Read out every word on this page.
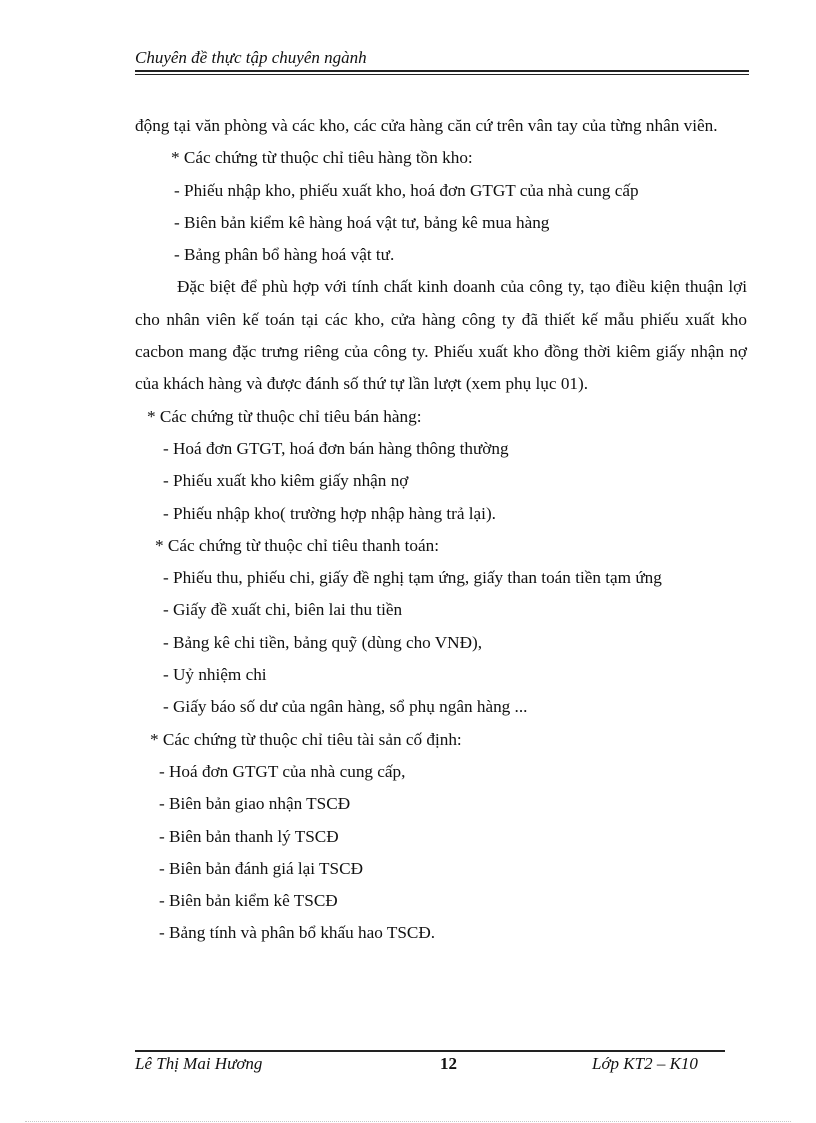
Chuyên đề thực tập chuyên ngành

động tại văn phòng và các kho, các cửa hàng căn cứ trên vân tay của từng nhân viên.

* Các chứng từ thuộc chỉ tiêu hàng tồn kho:

- Phiếu nhập kho, phiếu xuất kho, hoá đơn GTGT của nhà cung cấp

- Biên bản kiểm kê hàng hoá vật tư, bảng kê mua hàng

- Bảng phân bổ hàng hoá vật tư.

Đặc biệt để phù hợp với tính chất kinh doanh của công ty, tạo điều kiện thuận lợi cho nhân viên kế toán tại các kho, cửa hàng công ty đã thiết kế mẫu phiếu xuất kho cacbon mang đặc trưng riêng của công ty. Phiếu xuất kho đồng thời kiêm giấy nhận nợ của khách hàng và được đánh số thứ tự lần lượt (xem phụ lục 01).

* Các chứng từ thuộc chỉ tiêu bán hàng:

- Hoá đơn GTGT, hoá đơn bán hàng thông thường

- Phiếu xuất kho kiêm giấy nhận nợ

- Phiếu nhập kho( trường hợp nhập hàng trả lại).

* Các chứng từ thuộc chỉ tiêu thanh toán:

- Phiếu thu, phiếu chi, giấy đề nghị tạm ứng, giấy than toán tiền tạm ứng

- Giấy đề xuất chi, biên lai thu tiền

- Bảng kê chi tiền, bảng quỹ (dùng cho VNĐ),

- Uỷ nhiệm chi

- Giấy báo số dư của ngân hàng, sổ phụ ngân hàng ...

* Các chứng từ thuộc chỉ tiêu tài sản cố định:

- Hoá đơn GTGT của nhà cung cấp,

- Biên bản giao nhận TSCĐ

- Biên bản thanh lý TSCĐ

- Biên bản đánh giá lại TSCĐ

- Biên bản kiểm kê TSCĐ

- Bảng tính và phân bổ khấu hao TSCĐ.

Lê Thị Mai Hương	12	Lớp KT2 – K10
